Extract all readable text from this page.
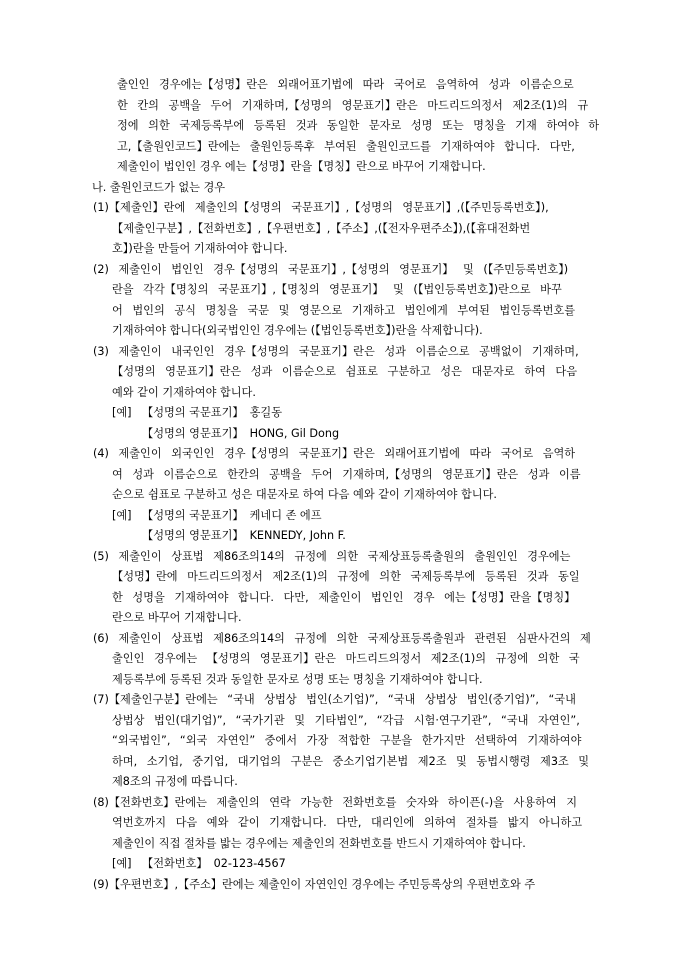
출인인 경우에는【성명】란은 외래어표기법에 따라 국어로 음역하여 성과 이름순으로
한 칸의 공백을 두어 기재하며,【성명의 영문표기】란은 마드리드의정서 제2조(1)의 규
정에 의한 국제등록부에 등록된 것과 동일한 문자로 성명 또는 명칭을 기재 하여야 하
고,【출원인코드】란에는 출원인등록후 부여된 출원인코드를 기재하여야 합니다. 다만,
제출인이 법인인 경우 에는【성명】란을【명칭】란으로 바꾸어 기재합니다.
나. 출원인코드가 없는 경우
(1)【제출인】란에 제출인의【성명의 국문표기】,【성명의 영문표기】,(【주민등록번호】),
【제출인구분】,【전화번호】,【우편번호】,【주소】,(【전자우편주소】),(【휴대전화번
호】)란을 만들어 기재하여야 합니다.
(2) 제출인이 법인인 경우【성명의 국문표기】,【성명의 영문표기】 및 (【주민등록번호】)
란을 각각【명칭의 국문표기】,【명칭의 영문표기】 및 (【법인등록번호】)란으로 바꾸
어 법인의 공식 명칭을 국문 및 영문으로 기재하고 법인에게 부여된 법인등록번호를
기재하여야 합니다(외국법인인 경우에는 (【법인등록번호】)란을 삭제합니다).
(3) 제출인이 내국인인 경우【성명의 국문표기】란은 성과 이름순으로 공백없이 기재하며,
【성명의 영문표기】란은 성과 이름순으로 쉼표로 구분하고 성은 대문자로 하여 다음
예와 같이 기재하여야 합니다.
[예] 【성명의 국문표기】 홍길동
【성명의 영문표기】 HONG, Gil Dong
(4) 제출인이 외국인인 경우【성명의 국문표기】란은 외래어표기법에 따라 국어로 음역하
여 성과 이름순으로 한칸의 공백을 두어 기재하며,【성명의 영문표기】란은 성과 이름
순으로 쉼표로 구분하고 성은 대문자로 하여 다음 예와 같이 기재하여야 합니다.
[예] 【성명의 국문표기】 케네디 존 에프
【성명의 영문표기】 KENNEDY, John F.
(5) 제출인이 상표법 제86조의14의 규정에 의한 국제상표등록출원의 출원인인 경우에는
【성명】란에 마드리드의정서 제2조(1)의 규정에 의한 국제등록부에 등록된 것과 동일
한 성명을 기재하여야 합니다. 다만, 제출인이 법인인 경우 에는【성명】란을【명칭】
란으로 바꾸어 기재합니다.
(6) 제출인이 상표법 제86조의14의 규정에 의한 국제상표등록출원과 관련된 심판사건의 제
출인인 경우에는 【성명의 영문표기】란은 마드리드의정서 제2조(1)의 규정에 의한 국
제등록부에 등록된 것과 동일한 문자로 성명 또는 명칭을 기재하여야 합니다.
(7)【제출인구분】란에는 “국내 상법상 법인(소기업)”, “국내 상법상 법인(중기업)”, “국내
상법상 법인(대기업)”, “국가기관 및 기타법인”, “각급 시험·연구기관”, “국내 자연인”,
“외국법인”, “외국 자연인” 중에서 가장 적합한 구분을 한가지만 선택하여 기재하여야
하며, 소기업, 중기업, 대기업의 구분은 중소기업기본법 제2조 및 동법시행령 제3조 및
제8조의 규정에 따릅니다.
(8)【전화번호】란에는 제출인의 연락 가능한 전화번호를 숫자와 하이픈(-)을 사용하여 지
역번호까지 다음 예와 같이 기재합니다. 다만, 대리인에 의하여 절차를 밟지 아니하고
제출인이 직접 절차를 밟는 경우에는 제출인의 전화번호를 반드시 기재하여야 합니다.
[예] 【전화번호】 02-123-4567
(9)【우편번호】,【주소】란에는 제출인이 자연인인 경우에는 주민등록상의 우편번호와 주
